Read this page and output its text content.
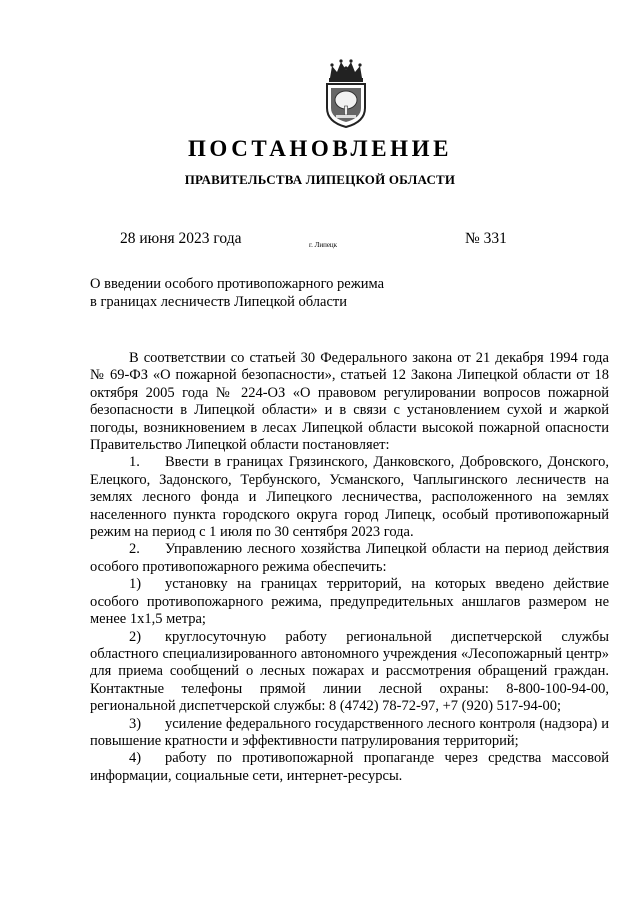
ПОСТАНОВЛЕНИЕ
ПРАВИТЕЛЬСТВА ЛИПЕЦКОЙ ОБЛАСТИ
28 июня 2023 года	г. Липецк	№ 331
О введении особого противопожарного режима
в границах лесничеств Липецкой области

В соответствии со статьей 30 Федерального закона от 21 декабря 1994 года № 69-ФЗ «О пожарной безопасности», статьей 12 Закона Липецкой области от 18 октября 2005 года № 224-ОЗ «О правовом регулировании вопросов пожарной безопасности в Липецкой области» и в связи с установлением сухой и жаркой погоды, возникновением в лесах Липецкой области высокой пожарной опасности Правительство Липецкой области постановляет:

1. Ввести в границах Грязинского, Данковского, Добровского, Донского, Елецкого, Задонского, Тербунского, Усманского, Чаплыгинского лесничеств на землях лесного фонда и Липецкого лесничества, расположенного на землях населенного пункта городского округа город Липецк, особый противопожарный режим на период с 1 июля по 30 сентября 2023 года.

2. Управлению лесного хозяйства Липецкой области на период действия особого противопожарного режима обеспечить:

1) установку на границах территорий, на которых введено действие особого противопожарного режима, предупредительных аншлагов размером не менее 1х1,5 метра;

2) круглосуточную работу региональной диспетчерской службы областного специализированного автономного учреждения «Лесопожарный центр» для приема сообщений о лесных пожарах и рассмотрения обращений граждан. Контактные телефоны прямой линии лесной охраны: 8-800-100-94-00, региональной диспетчерской службы: 8 (4742) 78-72-97, +7 (920) 517-94-00;

3) усиление федерального государственного лесного контроля (надзора) и повышение кратности и эффективности патрулирования территорий;

4) работу по противопожарной пропаганде через средства массовой информации, социальные сети, интернет-ресурсы.
